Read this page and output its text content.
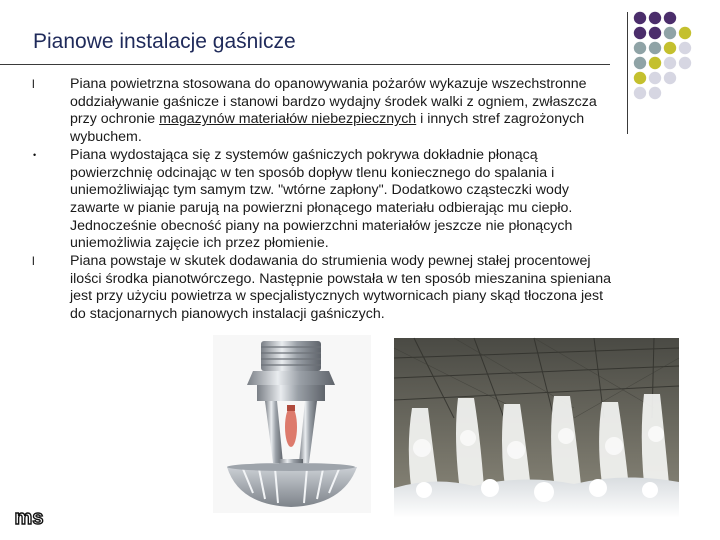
Pianowe instalacje gaśnicze
l Piana powietrzna stosowana do opanowywania pożarów wykazuje wszechstronne oddziaływanie gaśnicze i stanowi bardzo wydajny środek walki z ogniem, zwłaszcza przy ochronie magazynów materiałów niebezpiecznych i innych stref zagrożonych wybuchem.
• Piana wydostająca się z systemów gaśniczych pokrywa dokładnie płonącą powierzchnię odcinając w ten sposób dopływ tlenu koniecznego do spalania i uniemożliwiając tym samym tzw. "wtórne zapłony". Dodatkowo cząsteczki wody zawarte w pianie parują na powierzni płonącego materiału odbierając mu ciepło. Jednocześnie obecność piany na powierzchni materiałów jeszcze nie płonących uniemożliwia zajęcie ich przez płomienie.
l Piana powstaje w skutek dodawania do strumienia wody pewnej stałej procentowej ilości środka pianotwórczego. Następnie powstała w ten sposób mieszanina spieniana jest przy użyciu powietrza w specjalistycznych wytwornicach piany skąd tłoczona jest do stacjonarnych pianowych instalacji gaśniczych.
ms
